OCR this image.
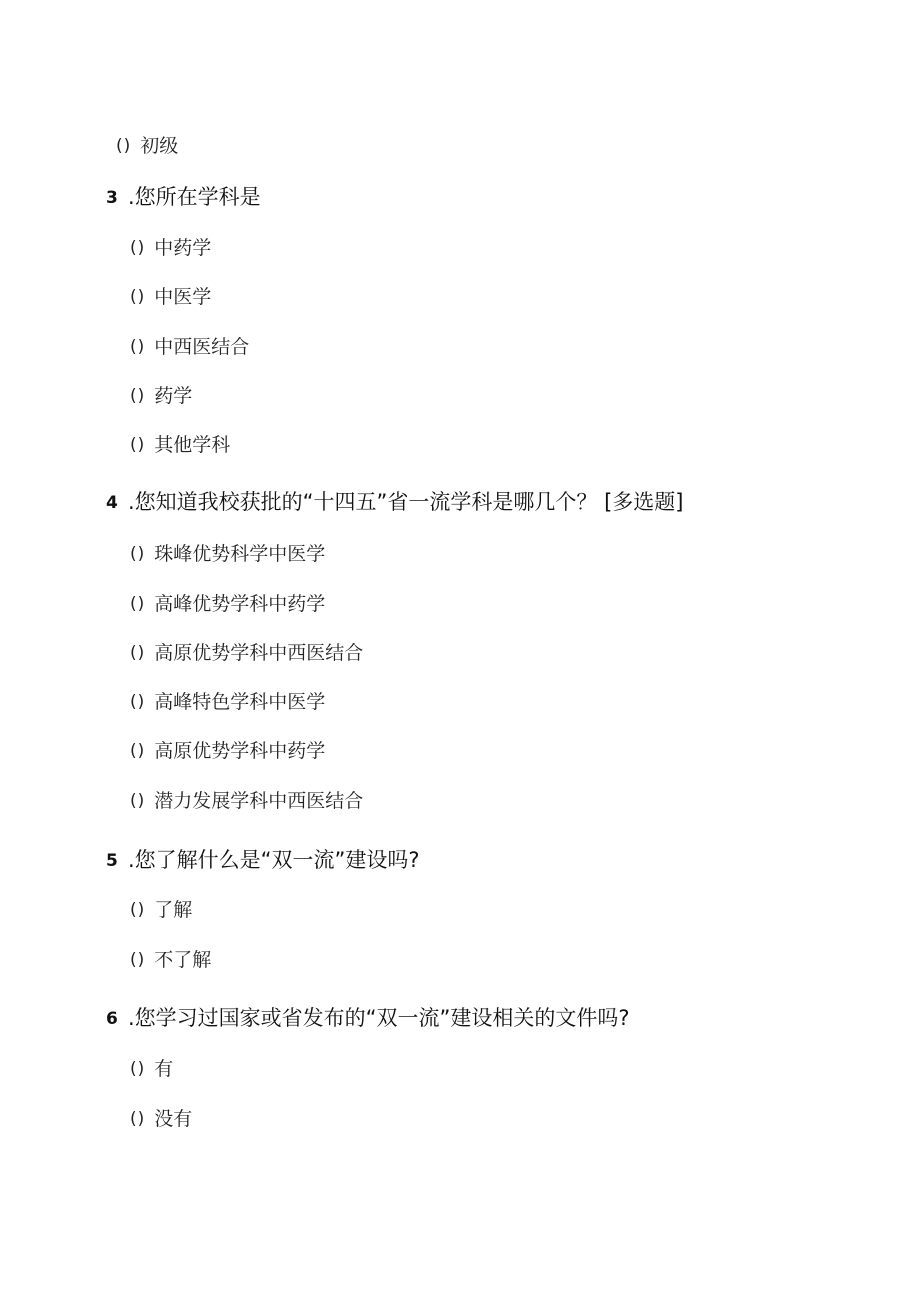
() 初级
3 .您所在学科是
() 中药学
() 中医学
() 中西医结合
() 药学
() 其他学科
4 .您知道我校获批的“十四五”省一流学科是哪几个？ [多选题]
() 珠峰优势科学中医学
() 高峰优势学科中药学
() 高原优势学科中西医结合
() 高峰特色学科中医学
() 高原优势学科中药学
() 潜力发展学科中西医结合
5 .您了解什么是“双一流”建设吗?
() 了解
() 不了解
6 .您学习过国家或省发布的“双一流”建设相关的文件吗?
() 有
() 没有
